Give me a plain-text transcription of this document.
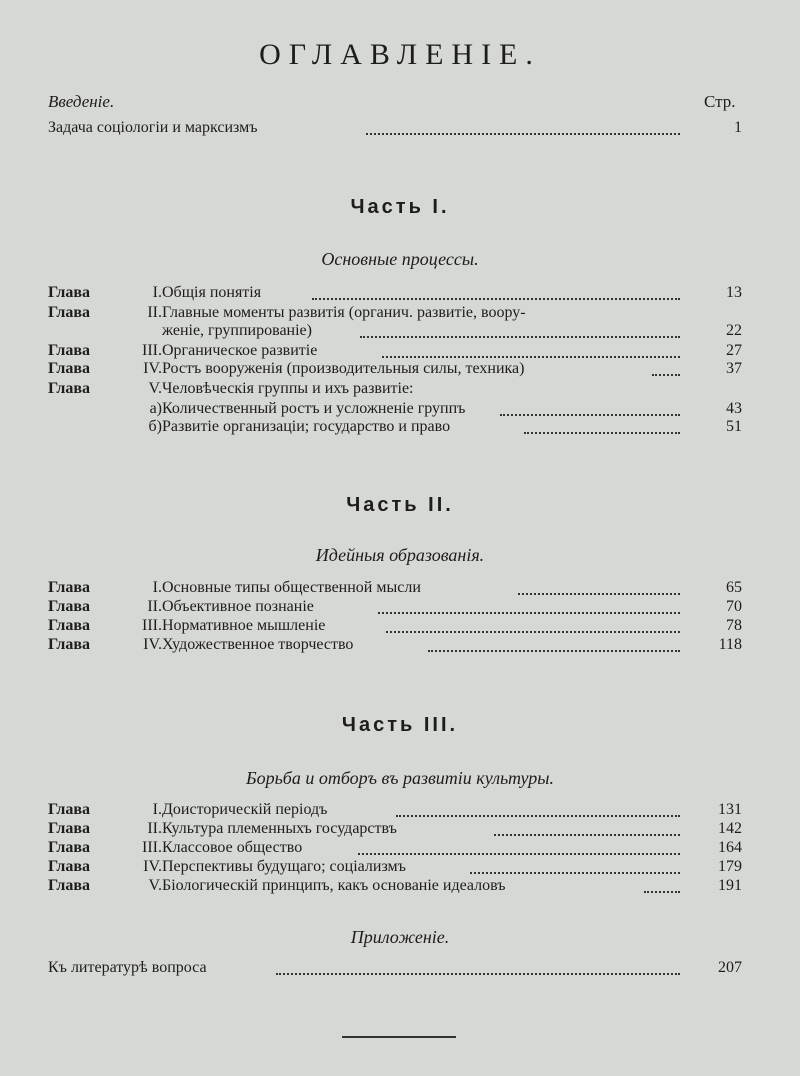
ОГЛАВЛЕНІЕ.
Введеніе.	Стр.
Задача соціологіи и марксизмъ	1
Часть I.
Основные процессы.
Глава	I. Общія понятія	13
Глава	II. Главные моменты развитія (органич. развитіе, воору-
женіе, группированіе)	22
Глава	III. Органическое развитіе	27
Глава	IV. Ростъ вооруженія (производительныя силы, техника)	37
Глава	V. Человѣческія группы и ихъ развитіе:
а) Количественный ростъ и усложненіе группъ	43
б) Развитіе организаціи; государство и право	51
Часть II.
Идейныя образованія.
Глава	I. Основные типы общественной мысли	65
Глава	II. Объективное познаніе	70
Глава	III. Нормативное мышленіе	78
Глава	IV. Художественное творчество	118
Часть III.
Борьба и отборъ въ развитіи культуры.
Глава	I. Доисторическій періодъ	131
Глава	II. Культура племенныхъ государствъ	142
Глава	III. Классовое общество	164
Глава	IV. Перспективы будущаго; соціализмъ	179
Глава	V. Біологическій принципъ, какъ основаніе идеаловъ	191
Приложеніе.
Къ литературѣ вопроса	207
